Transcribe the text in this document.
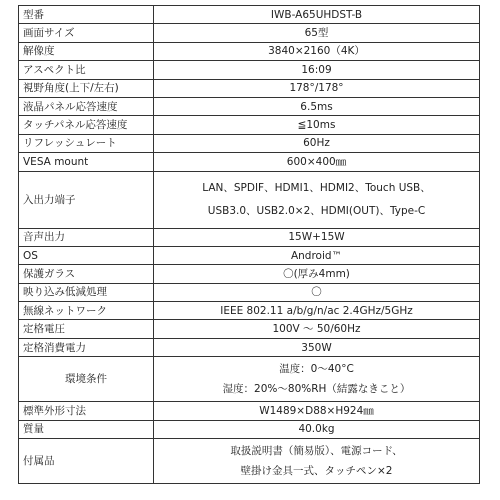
型番	IWB-A65UHDST-B

画面サイズ	65型

解像度	3840×2160（4K）

アスペクト比	16:09

視野角度(上下/左右)	178°/178°

液晶パネル応答速度	6.5ms

タッチパネル応答速度	≦10ms

リフレッシュレート	60Hz

VESA mount	600×400㎜

入出力端子	LAN、SPDIF、HDMI1、HDMI2、Touch USB、
USB3.0、USB2.0×2、HDMI(OUT)、Type-C

音声出力	15W+15W

OS	Android™

保護ガラス	〇(厚み4mm)

映り込み低減処理	〇

無線ネットワーク	IEEE 802.11 a/b/g/n/ac 2.4GHz/5GHz

定格電圧	100V ～ 50/60Hz

定格消費電力	350W

環境条件	温度：0～40°C
湿度：20%～80%RH（結露なきこと）

標準外形寸法	W1489×D88×H924㎜

質量	40.0kg

付属品	取扱説明書（簡易版）、電源コード、
壁掛け金具一式、タッチペン×2
